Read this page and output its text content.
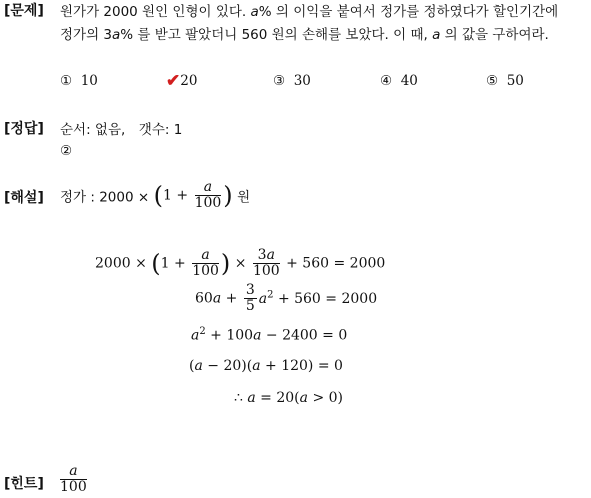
[문제] 원가가 2000 원인 인형이 있다. a% 의 이익을 붙여서 정가를 정하였다가 할인기간에
정가의 3a% 를 받고 팔았더니 560 원의 손해를 보았다. 이 때, a 의 값을 구하여라.
① 10	✔20	③ 30	④ 40	⑤ 50
[정답] 순서: 없음,　갯수: 1
②
[해설] 정가 : $2000 \times (1 + \frac{a}{100}$ ) 원
$2000 \times (1 + \frac{a}{100}$ ) × $\frac{3a}{100} + 560 = 2000$
$60a + \frac{3}{5} a^2 + 560 = 2000$
$a^2 + 100a - 2400 = 0$
(a − 20)(a + 120) = 0
∴ a = 20(a > 0)
[힌트] $\frac{a}{100}$
